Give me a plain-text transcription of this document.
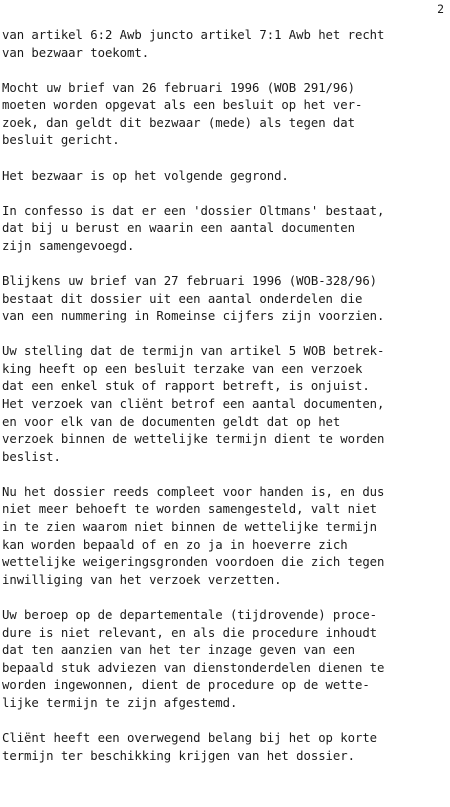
2
van artikel 6:2 Awb juncto artikel 7:1 Awb het recht
van bezwaar toekomt.
Mocht uw brief van 26 februari 1996 (WOB 291/96)
moeten worden opgevat als een besluit op het ver-
zoek, dan geldt dit bezwaar (mede) als tegen dat
besluit gericht.
Het bezwaar is op het volgende gegrond.
In confesso is dat er een 'dossier Oltmans' bestaat,
dat bij u berust en waarin een aantal documenten
zijn samengevoegd.
Blijkens uw brief van 27 februari 1996 (WOB-328/96)
bestaat dit dossier uit een aantal onderdelen die
van een nummering in Romeinse cijfers zijn voorzien.
Uw stelling dat de termijn van artikel 5 WOB betrek-
king heeft op een besluit terzake van een verzoek
dat een enkel stuk of rapport betreft, is onjuist.
Het verzoek van cliënt betrof een aantal documenten,
en voor elk van de documenten geldt dat op het
verzoek binnen de wettelijke termijn dient te worden
beslist.
Nu het dossier reeds compleet voor handen is, en dus
niet meer behoeft te worden samengesteld, valt niet
in te zien waarom niet binnen de wettelijke termijn
kan worden bepaald of en zo ja in hoeverre zich
wettelijke weigeringsgronden voordoen die zich tegen
inwilliging van het verzoek verzetten.
Uw beroep op de departementale (tijdrovende) proce-
dure is niet relevant, en als die procedure inhoudt
dat ten aanzien van het ter inzage geven van een
bepaald stuk adviezen van dienstonderdelen dienen te
worden ingewonnen, dient de procedure op de wette-
lijke termijn te zijn afgestemd.
Cliënt heeft een overwegend belang bij het op korte
termijn ter beschikking krijgen van het dossier.
